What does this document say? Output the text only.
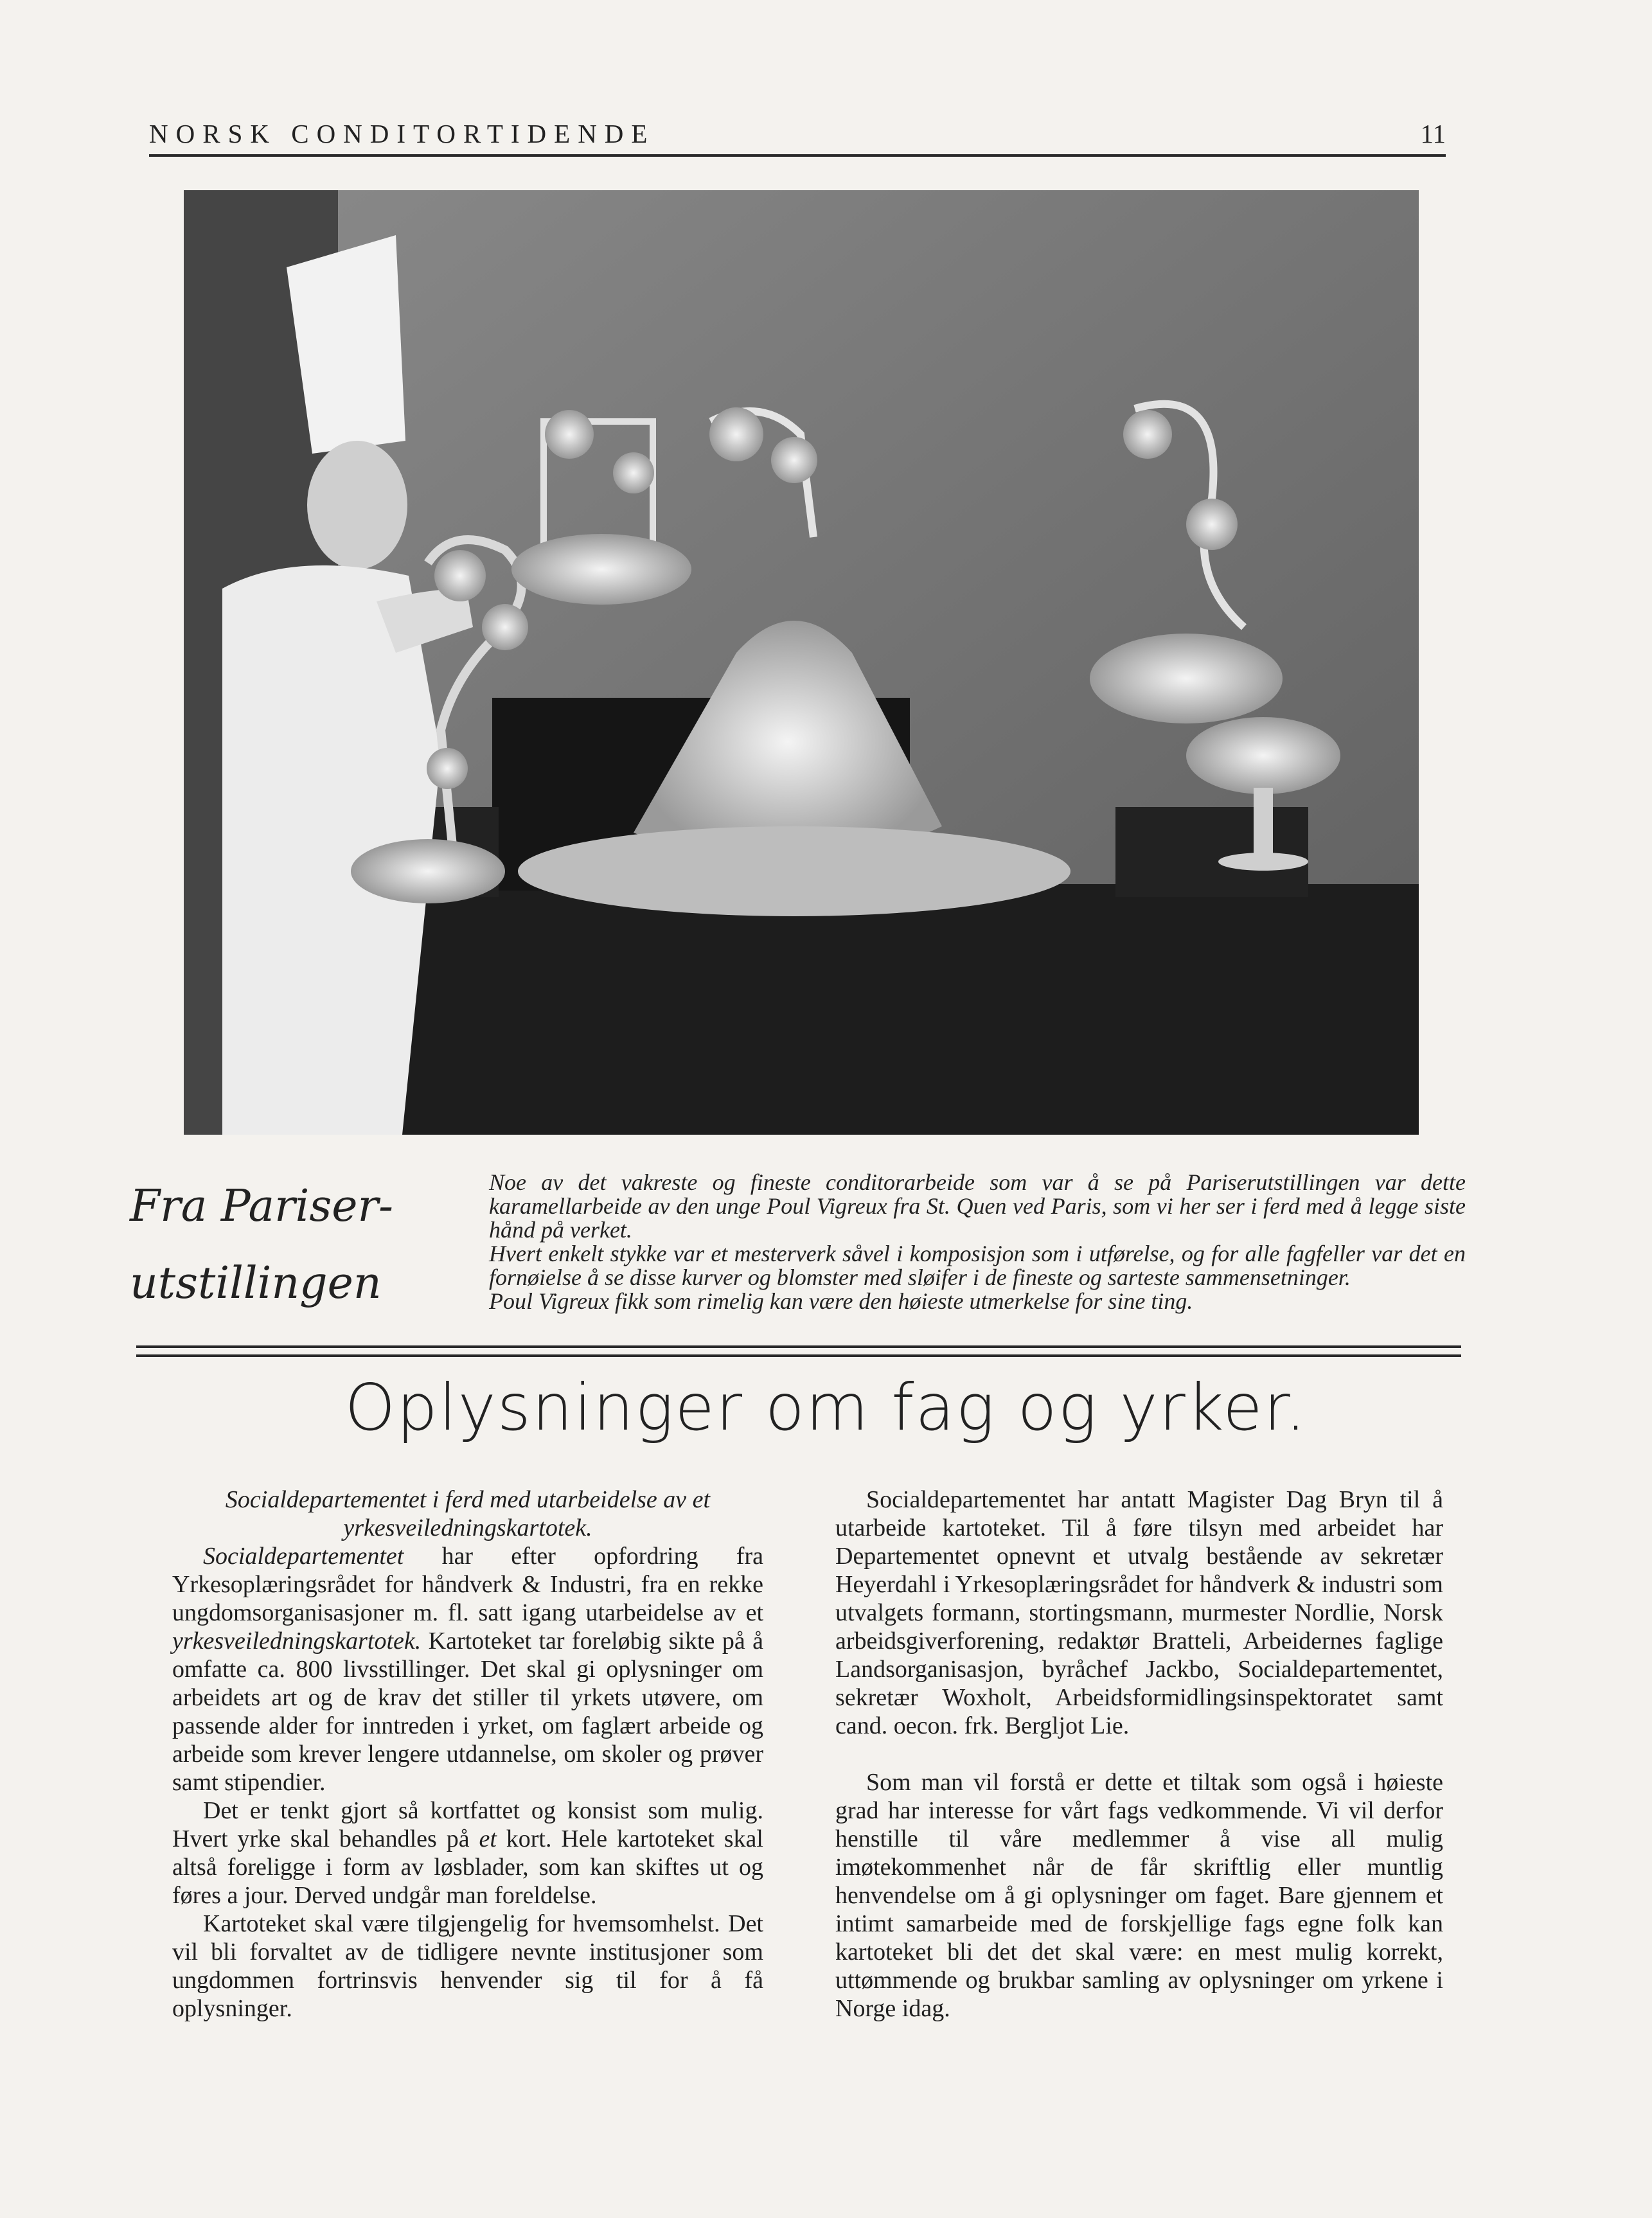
NORSK CONDITORTIDENDE	11
Fra Pariser-
utstillingen

Noe av det vakreste og fineste conditorarbeide som var å se på Pariserutstillingen var dette karamellarbeide av den unge Poul Vigreux fra St. Quen ved Paris, som vi her ser i ferd med å legge siste hånd på verket.

Hvert enkelt stykke var et mesterverk såvel i komposisjon som i utførelse, og for alle fagfeller var det en fornøielse å se disse kurver og blomster med sløifer i de fineste og sarteste sammensetninger.

Poul Vigreux fikk som rimelig kan være den høieste utmerkelse for sine ting.

Oplysninger om fag og yrker.

Socialdepartementet i ferd med utarbeidelse av et yrkesveiledningskartotek.

Socialdepartementet har efter opfordring fra Yrkesoplæringsrådet for håndverk & Industri, fra en rekke ungdomsorganisasjoner m. fl. satt igang utarbeidelse av et yrkesveiledningskartotek. Kartoteket tar foreløbig sikte på å omfatte ca. 800 livsstillinger. Det skal gi oplysninger om arbeidets art og de krav det stiller til yrkets utøvere, om passende alder for inntreden i yrket, om faglært arbeide og arbeide som krever lengere utdannelse, om skoler og prøver samt stipendier.

Det er tenkt gjort så kortfattet og konsist som mulig. Hvert yrke skal behandles på et kort. Hele kartoteket skal altså foreligge i form av løsblader, som kan skiftes ut og føres a jour. Derved undgår man foreldelse.

Kartoteket skal være tilgjengelig for hvemsomhelst. Det vil bli forvaltet av de tidligere nevnte institusjoner som ungdommen fortrinsvis henvender sig til for å få oplysninger.

Socialdepartementet har antatt Magister Dag Bryn til å utarbeide kartoteket. Til å føre tilsyn med arbeidet har Departementet opnevnt et utvalg bestående av sekretær Heyerdahl i Yrkesoplæringsrådet for håndverk & industri som utvalgets formann, stortingsmann, murmester Nordlie, Norsk arbeidsgiverforening, redaktør Bratteli, Arbeidernes faglige Landsorganisasjon, byråchef Jackbo, Socialdepartementet, sekretær Woxholt, Arbeidsformidlingsinspektoratet samt cand. oecon. frk. Bergljot Lie.

Som man vil forstå er dette et tiltak som også i høieste grad har interesse for vårt fags vedkommende. Vi vil derfor henstille til våre medlemmer å vise all mulig imøtekommenhet når de får skriftlig eller muntlig henvendelse om å gi oplysninger om faget. Bare gjennem et intimt samarbeide med de forskjellige fags egne folk kan kartoteket bli det det skal være: en mest mulig korrekt, uttømmende og brukbar samling av oplysninger om yrkene i Norge idag.
